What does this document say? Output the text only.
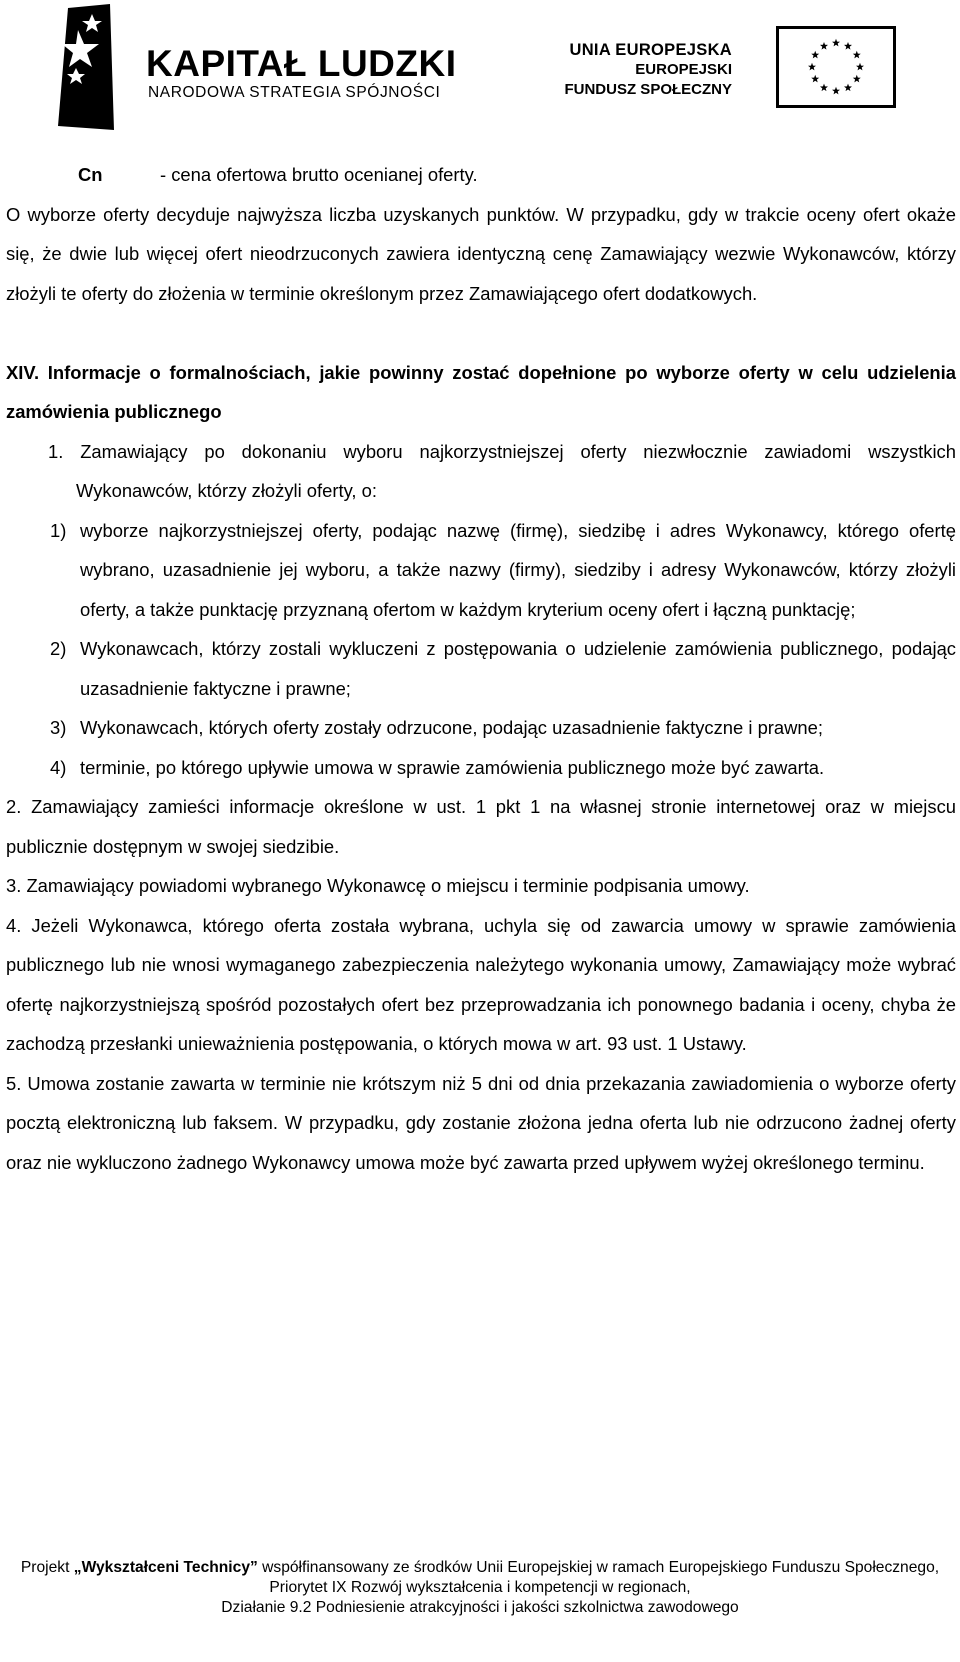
KAPITAŁ LUDZKI
NARODOWA STRATEGIA SPÓJNOŚCI
UNIA EUROPEJSKA
EUROPEJSKI
FUNDUSZ SPOŁECZNY
Cn	- cena ofertowa brutto ocenianej oferty.

O wyborze oferty decyduje najwyższa liczba uzyskanych punktów. W przypadku, gdy w trakcie oceny ofert okaże się, że dwie lub więcej ofert nieodrzuconych zawiera identyczną cenę Zamawiający wezwie Wykonawców, którzy złożyli te oferty do złożenia w terminie określonym przez Zamawiającego ofert dodatkowych.

XIV. Informacje o formalnościach, jakie powinny zostać dopełnione po wyborze oferty w celu udzielenia zamówienia publicznego

1. Zamawiający po dokonaniu wyboru najkorzystniejszej oferty niezwłocznie zawiadomi wszystkich Wykonawców, którzy złożyli oferty, o:

1) wyborze najkorzystniejszej oferty, podając nazwę (firmę), siedzibę i adres Wykonawcy, którego ofertę wybrano, uzasadnienie jej wyboru, a także nazwy (firmy), siedziby i adresy Wykonawców, którzy złożyli oferty, a także punktację przyznaną ofertom w każdym kryterium oceny ofert i łączną punktację;
2) Wykonawcach, którzy zostali wykluczeni z postępowania o udzielenie zamówienia publicznego, podając uzasadnienie faktyczne i prawne;
3) Wykonawcach, których oferty zostały odrzucone, podając uzasadnienie faktyczne i prawne;
4) terminie, po którego upływie umowa w sprawie zamówienia publicznego może być zawarta.

2. Zamawiający zamieści informacje określone w ust. 1 pkt 1 na własnej stronie internetowej oraz w miejscu publicznie dostępnym w swojej siedzibie.

3. Zamawiający powiadomi wybranego Wykonawcę o miejscu i terminie podpisania umowy.

4. Jeżeli Wykonawca, którego oferta została wybrana, uchyla się od zawarcia umowy w sprawie zamówienia publicznego lub nie wnosi wymaganego zabezpieczenia należytego wykonania umowy, Zamawiający może wybrać ofertę najkorzystniejszą spośród pozostałych ofert bez przeprowadzania ich ponownego badania i oceny, chyba że zachodzą przesłanki unieważnienia postępowania, o których mowa w art. 93 ust. 1 Ustawy.

5. Umowa zostanie zawarta w terminie nie krótszym niż 5 dni od dnia przekazania zawiadomienia o wyborze oferty pocztą elektroniczną lub faksem. W przypadku, gdy zostanie złożona jedna oferta lub nie odrzucono żadnej oferty oraz nie wykluczono żadnego Wykonawcy umowa może być zawarta przed upływem wyżej określonego terminu.

Projekt „Wykształceni Technicy” współfinansowany ze środków Unii Europejskiej w ramach Europejskiego Funduszu Społecznego,
Priorytet IX Rozwój wykształcenia i kompetencji w regionach,
Działanie 9.2 Podniesienie atrakcyjności i jakości szkolnictwa zawodowego
